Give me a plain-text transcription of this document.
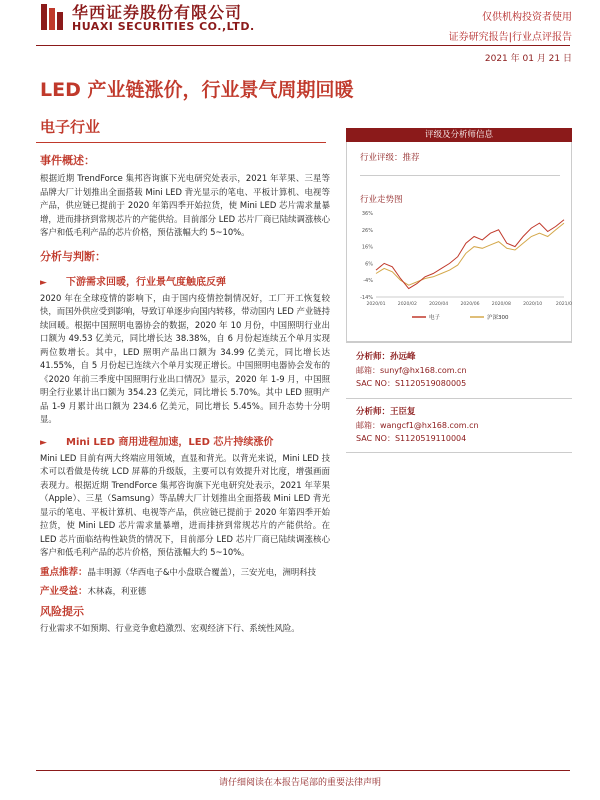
华西证券股份有限公司
HUAXI SECURITIES CO.,LTD.
仅供机构投资者使用
证券研究报告|行业点评报告
2021 年 01 月 21 日
LED 产业链涨价，行业景气周期回暖
电子行业
事件概述：

根据近期 TrendForce 集邦咨询旗下光电研究处表示，2021 年苹果、三星等品牌大厂计划推出全面搭载 Mini LED 背光显示的笔电、平板计算机、电视等产品，供应链已提前于 2020 年第四季开始拉货，使 Mini LED 芯片需求量暴增，进而排挤到常规芯片的产能供给。目前部分 LED 芯片厂商已陆续调涨核心客户和低毛利产品的芯片价格，预估涨幅大约 5~10%。

分析与判断：
► 下游需求回暖，行业景气度触底反弹

2020 年在全球疫情的影响下，由于国内疫情控制情况好，工厂开工恢复较快，而国外供应受到影响，导致订单逐步向国内转移，带动国内 LED 产业链持续回暖。根据中国照明电器协会的数据，2020 年 10 月份，中国照明行业出口额为 49.53 亿美元，同比增长达 38.38%，自 6 月份起连续五个单月实现两位数增长。其中，LED 照明产品出口额为 34.99 亿美元，同比增长达 41.55%，自 5 月份起已连续六个单月实现正增长。中国照明电器协会发布的《2020 年前三季度中国照明行业出口情况》显示，2020 年 1-9 月，中国照明全行业累计出口额为 354.23 亿美元，同比增长 5.70%。其中 LED 照明产品 1-9 月累计出口额为 234.6 亿美元，同比增长 5.45%。回升态势十分明显。

► Mini LED 商用进程加速，LED 芯片持续涨价

Mini LED 目前有两大终端应用领域，直显和背光。以背光来说，Mini LED 技术可以看做是传统 LCD 屏幕的升级版，主要可以有效提升对比度，增强画面表现力。根据近期 TrendForce 集邦咨询旗下光电研究处表示，2021 年苹果（Apple）、三星（Samsung）等品牌大厂计划推出全面搭载 Mini LED 背光显示的笔电、平板计算机、电视等产品，供应链已提前于 2020 年第四季开始拉货，使 Mini LED 芯片需求量暴增，进而排挤到常规芯片的产能供给。在 LED 芯片面临结构性缺货的情况下，目前部分 LED 芯片厂商已陆续调涨核心客户和低毛利产品的芯片价格，预估涨幅大约 5~10%。

重点推荐：晶丰明源（华西电子&中小盘联合覆盖），三安光电，洲明科技

产业受益：木林森，利亚德

风险提示

行业需求不如预期、行业竞争愈趋激烈、宏观经济下行、系统性风险。

评级及分析师信息
行业评级：推荐
行业走势图
36%
26%
16%
6%
-4%
-14%
2020/01	2020/02	2020/04	2020/06	2020/08	2020/10	2021/0
电子	沪深300
分析师：孙远峰
邮箱：sunyf@hx168.com.cn
SAC NO：S1120519080005
分析师：王臣复
邮箱：wangcf1@hx168.com.cn
SAC NO：S1120519110004
请仔细阅读在本报告尾部的重要法律声明
